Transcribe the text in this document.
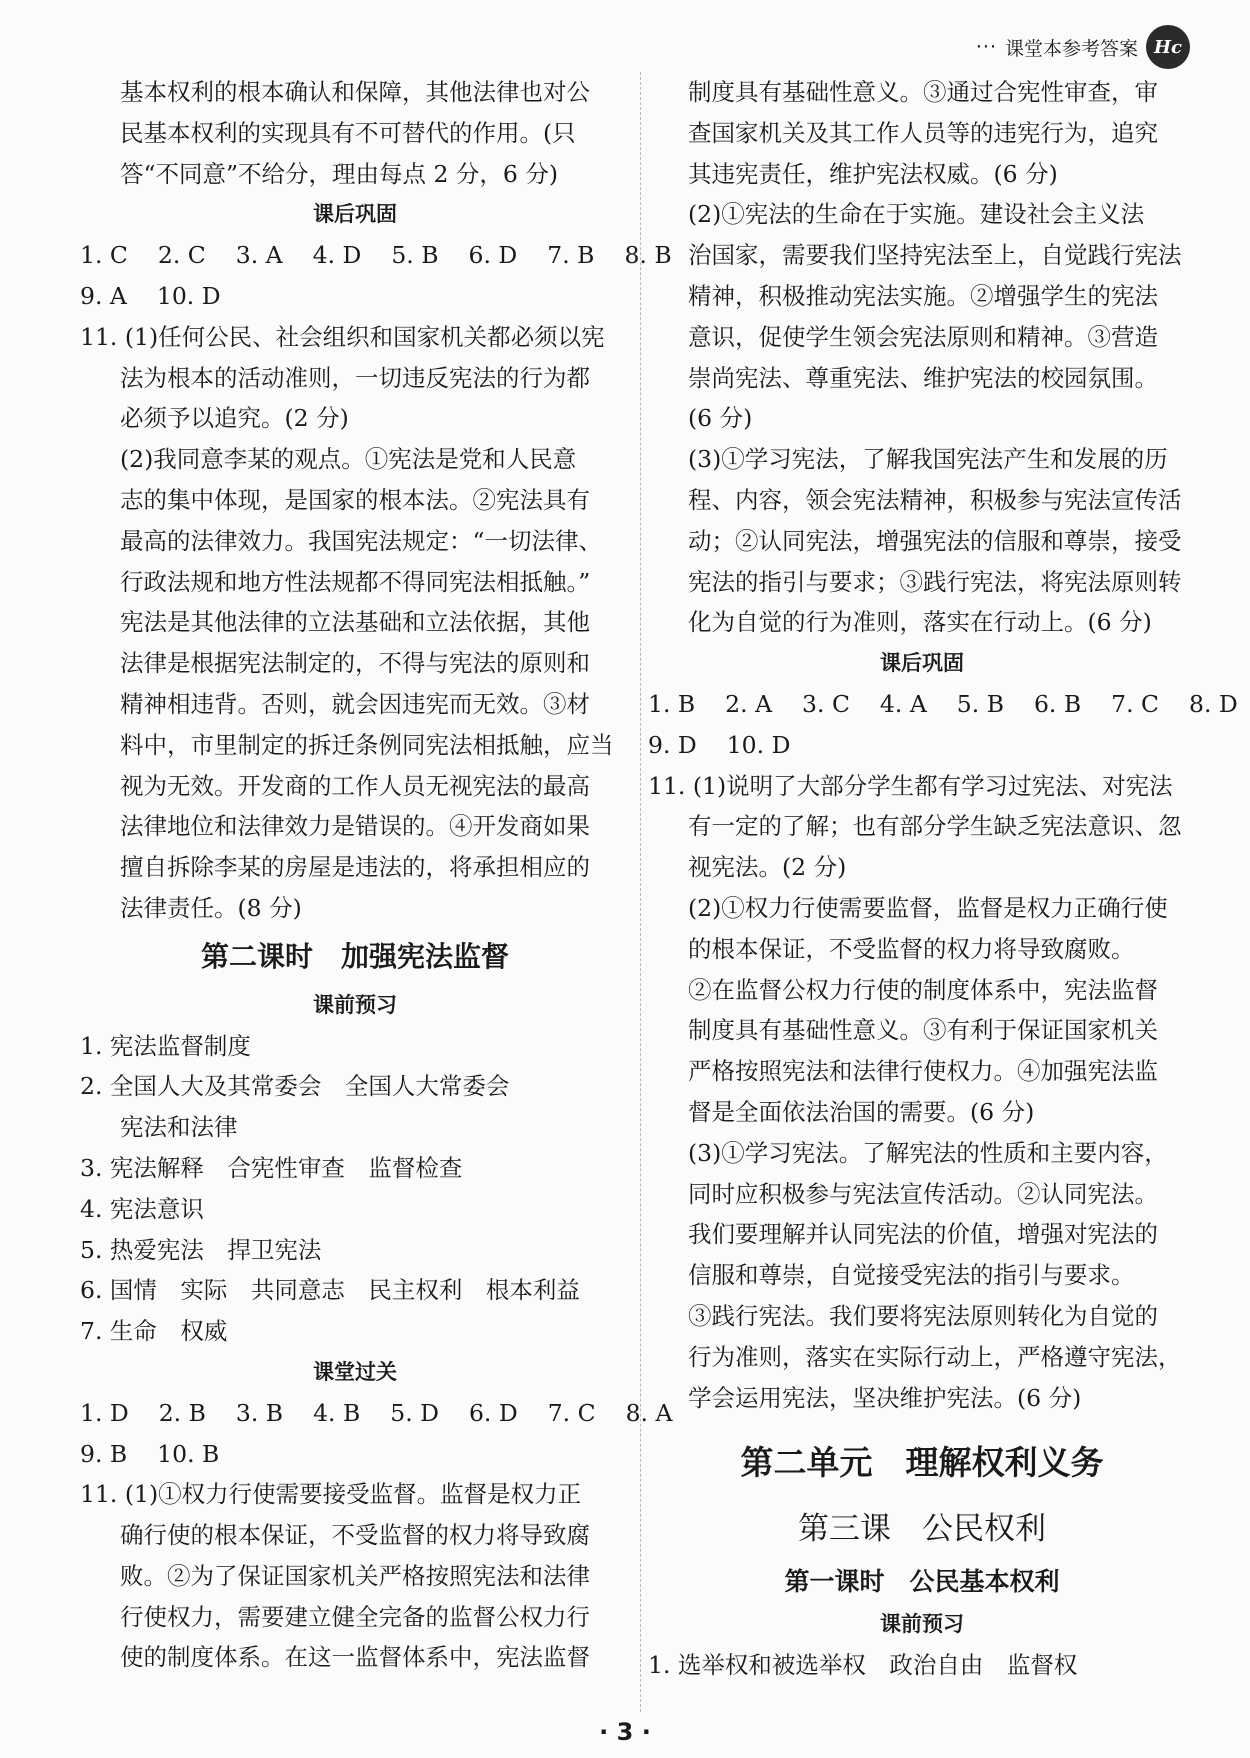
··· 课堂本参考答案 Hc
基本权利的根本确认和保障，其他法律也对公
民基本权利的实现具有不可替代的作用。(只
答“不同意”不给分，理由每点 2 分，6 分)
课后巩固
1. C 2. C 3. A 4. D 5. B 6. D 7. B 8. B
9. A 10. D
11. (1)任何公民、社会组织和国家机关都必须以宪
法为根本的活动准则，一切违反宪法的行为都
必须予以追究。(2 分)
(2)我同意李某的观点。①宪法是党和人民意
志的集中体现，是国家的根本法。②宪法具有
最高的法律效力。我国宪法规定：“一切法律、
行政法规和地方性法规都不得同宪法相抵触。”
宪法是其他法律的立法基础和立法依据，其他
法律是根据宪法制定的，不得与宪法的原则和
精神相违背。否则，就会因违宪而无效。③材
料中，市里制定的拆迁条例同宪法相抵触，应当
视为无效。开发商的工作人员无视宪法的最高
法律地位和法律效力是错误的。④开发商如果
擅自拆除李某的房屋是违法的，将承担相应的
法律责任。(8 分)
第二课时　加强宪法监督
课前预习
1. 宪法监督制度
2. 全国人大及其常委会　全国人大常委会
宪法和法律
3. 宪法解释　合宪性审查　监督检查
4. 宪法意识
5. 热爱宪法　捍卫宪法
6. 国情　实际　共同意志　民主权利　根本利益
7. 生命　权威
课堂过关
1. D 2. B 3. B 4. B 5. D 6. D 7. C 8. A
9. B 10. B
11. (1)①权力行使需要接受监督。监督是权力正
确行使的根本保证，不受监督的权力将导致腐
败。②为了保证国家机关严格按照宪法和法律
行使权力，需要建立健全完备的监督公权力行
使的制度体系。在这一监督体系中，宪法监督
制度具有基础性意义。③通过合宪性审查，审
查国家机关及其工作人员等的违宪行为，追究
其违宪责任，维护宪法权威。(6 分)
(2)①宪法的生命在于实施。建设社会主义法
治国家，需要我们坚持宪法至上，自觉践行宪法
精神，积极推动宪法实施。②增强学生的宪法
意识，促使学生领会宪法原则和精神。③营造
崇尚宪法、尊重宪法、维护宪法的校园氛围。
(6 分)
(3)①学习宪法，了解我国宪法产生和发展的历
程、内容，领会宪法精神，积极参与宪法宣传活
动；②认同宪法，增强宪法的信服和尊崇，接受
宪法的指引与要求；③践行宪法，将宪法原则转
化为自觉的行为准则，落实在行动上。(6 分)
课后巩固
1. B 2. A 3. C 4. A 5. B 6. B 7. C 8. D
9. D 10. D
11. (1)说明了大部分学生都有学习过宪法、对宪法
有一定的了解；也有部分学生缺乏宪法意识、忽
视宪法。(2 分)
(2)①权力行使需要监督，监督是权力正确行使
的根本保证，不受监督的权力将导致腐败。
②在监督公权力行使的制度体系中，宪法监督
制度具有基础性意义。③有利于保证国家机关
严格按照宪法和法律行使权力。④加强宪法监
督是全面依法治国的需要。(6 分)
(3)①学习宪法。了解宪法的性质和主要内容，
同时应积极参与宪法宣传活动。②认同宪法。
我们要理解并认同宪法的价值，增强对宪法的
信服和尊崇，自觉接受宪法的指引与要求。
③践行宪法。我们要将宪法原则转化为自觉的
行为准则，落实在实际行动上，严格遵守宪法，
学会运用宪法，坚决维护宪法。(6 分)
第二单元　理解权利义务
第三课　公民权利
第一课时　公民基本权利
课前预习
1. 选举权和被选举权　政治自由　监督权
· 3 ·
